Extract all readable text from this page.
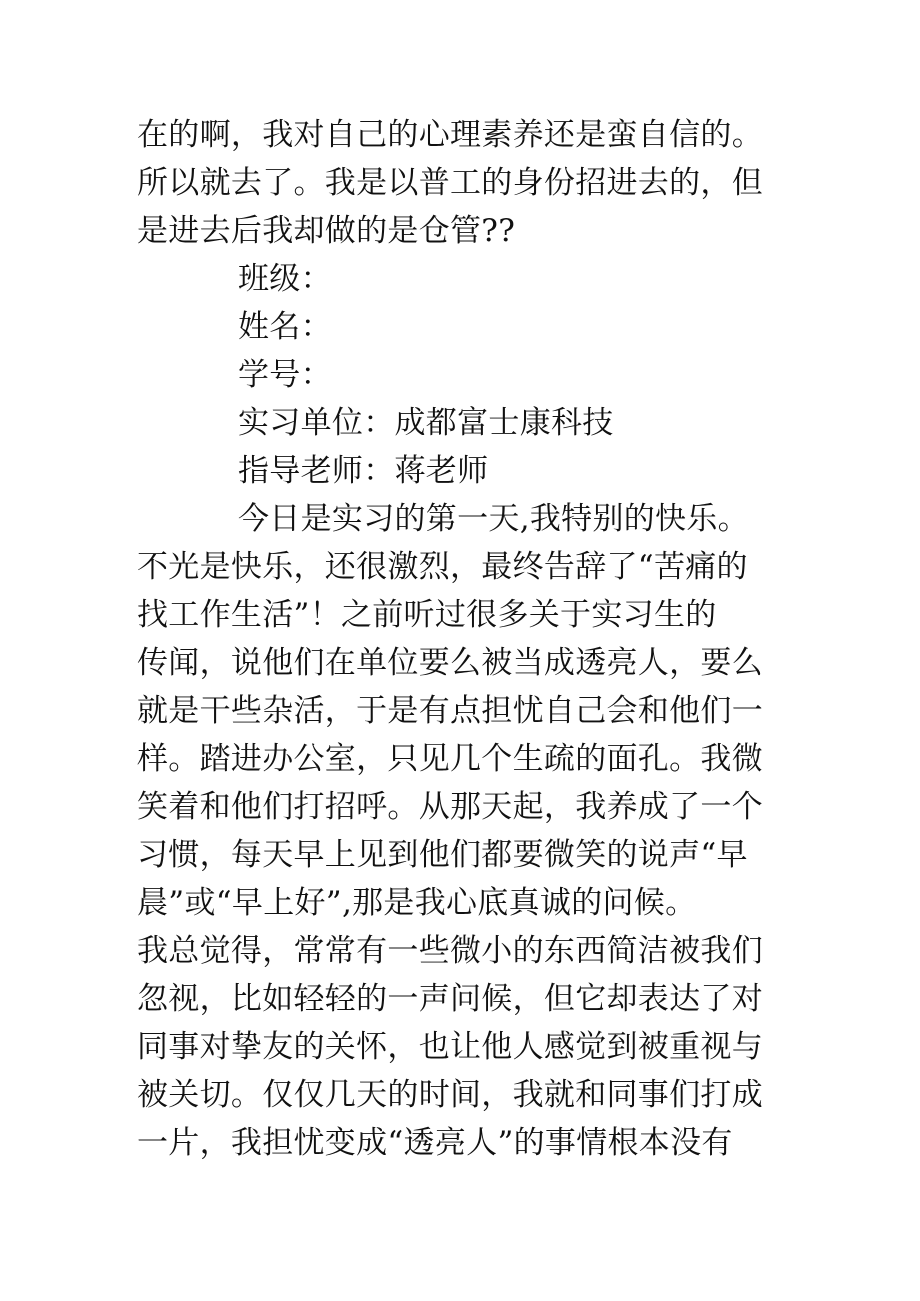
在的啊，我对自己的心理素养还是蛮自信的。
所以就去了。我是以普工的身份招进去的，但
是进去后我却做的是仓管??
班级：
姓名：
学号：
实习单位：成都富士康科技
指导老师：蒋老师
今日是实习的第一天,我特别的快乐。
不光是快乐，还很激烈，最终告辞了“苦痛的
找工作生活”！之前听过很多关于实习生的
传闻，说他们在单位要么被当成透亮人，要么
就是干些杂活，于是有点担忧自己会和他们一
样。踏进办公室，只见几个生疏的面孔。我微
笑着和他们打招呼。从那天起，我养成了一个
习惯，每天早上见到他们都要微笑的说声“早
晨”或“早上好”,那是我心底真诚的问候。
我总觉得，常常有一些微小的东西简洁被我们
忽视，比如轻轻的一声问候，但它却表达了对
同事对挚友的关怀，也让他人感觉到被重视与
被关切。仅仅几天的时间，我就和同事们打成
一片，我担忧变成“透亮人”的事情根本没有
